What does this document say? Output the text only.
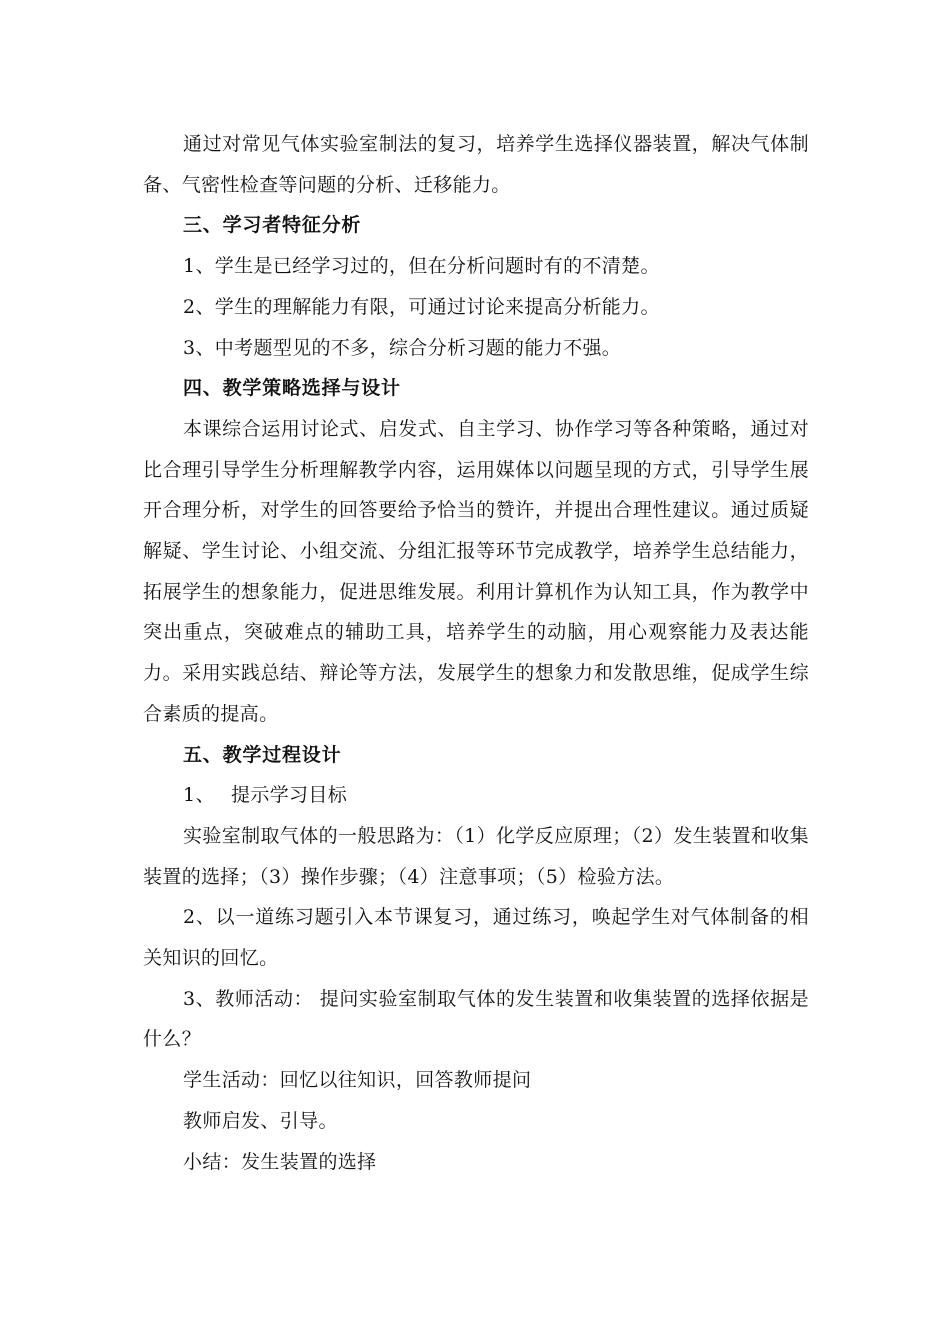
通过对常见气体实验室制法的复习，培养学生选择仪器装置，解决气体制备、气密性检查等问题的分析、迁移能力。

三、学习者特征分析

1、学生是已经学习过的，但在分析问题时有的不清楚。

2、学生的理解能力有限，可通过讨论来提高分析能力。

3、中考题型见的不多，综合分析习题的能力不强。

四、教学策略选择与设计

本课综合运用讨论式、启发式、自主学习、协作学习等各种策略，通过对比合理引导学生分析理解教学内容，运用媒体以问题呈现的方式，引导学生展开合理分析，对学生的回答要给予恰当的赞许，并提出合理性建议。通过质疑解疑、学生讨论、小组交流、分组汇报等环节完成教学，培养学生总结能力，拓展学生的想象能力，促进思维发展。利用计算机作为认知工具，作为教学中突出重点，突破难点的辅助工具，培养学生的动脑，用心观察能力及表达能力。采用实践总结、辩论等方法，发展学生的想象力和发散思维，促成学生综合素质的提高。

五、教学过程设计

1、 提示学习目标

实验室制取气体的一般思路为：（1）化学反应原理；（2）发生装置和收集装置的选择；（3）操作步骤；（4）注意事项；（5）检验方法。

2、以一道练习题引入本节课复习，通过练习，唤起学生对气体制备的相关知识的回忆。

3、教师活动： 提问实验室制取气体的发生装置和收集装置的选择依据是什么？

学生活动：回忆以往知识，回答教师提问

教师启发、引导。

小结：发生装置的选择
